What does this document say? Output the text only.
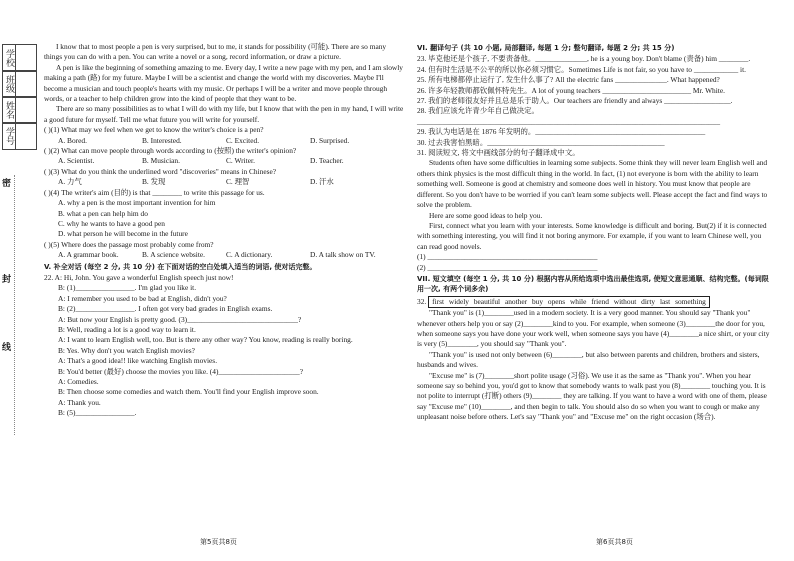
学校
班级
姓名
学号
密
封
线

I know that to most people a pen is very surprised, but to me, it stands for possibility (可能). There are so many things you can do with a pen. You can write a novel or a song, record information, or draw a picture.

A pen is like the beginning of something amazing to me. Every day, I write a new page with my pen, and I am slowly making a path (路) for my future. Maybe I will be a scientist and change the world with my discoveries. Maybe I'll become a musician and touch people's hearts with my music. Or perhaps I will be a writer and move people through words, or a teacher to help children grow into the kind of people that they want to be.

There are so many possibilities as to what I will do with my life, but I know that with the pen in my hand, I will write a good future for myself. Tell me what future you will write for yourself.

( )(1) What may we feel when we get to know the writer's choice is a pen?

A. Bored.	B. Interested.	C. Excited.	D. Surprised.

( )(2) What can move people through words according to (按照) the writer's opinion?

A. Scientist.	B. Musician.	C. Writer.	D. Teacher.

( )(3) What do you think the underlined word "discoveries" means in Chinese?

A. 力气	B. 发现	C. 理智	D. 汗水

( )(4) The writer's aim (目的) is that ________ to write this passage for us.

A. why a pen is the most important invention for him

B. what a pen can help him do

C. why he wants to have a good pen

D. what person he will become in the future

( )(5) Where does the passage most probably come from?

A. A grammar book.	B. A science website.	C. A dictionary.	D. A talk show on TV.

V. 补全对话 (每空 2 分, 共 10 分) 在下面对话的空白处填入适当的词语, 使对话完整。

22. A: Hi, John. You gave a wonderful English speech just now!

B: (1)________________. I'm glad you like it.

A: I remember you used to be bad at English, didn't you?

B: (2)________________. I often got very bad grades in English exams.

A: But now your English is pretty good. (3)______________________________?

B: Well, reading a lot is a good way to learn it.

A: I want to learn English well, too. But is there any other way? You know, reading is really boring.

B: Yes. Why don't you watch English movies?

A: That's a good idea!! like watching English movies.

B: You'd better (最好) choose the movies you like. (4)______________________?

A: Comedies.

B: Then choose some comedies and watch them. You'll find your English improve soon.

A: Thank you.

B: (5)________________.

第5页共8页

VI. 翻译句子 (共 10 小题, 局部翻译, 每题 1 分; 整句翻译, 每题 2 分; 共 15 分)

23. 毕克他还是个孩子, 不要责备他。______________, he is a young boy. Don't blame (责备) him ________.

24. 但有时生活是不公平的所以你必须习惯它。Sometimes Life is not fair, so you have to ____________ it.

25. 所有电梯都停止运行了, 发生什么事了? All the electric fans ______________. What happened?

26. 许多年轻教师都钦佩怀特先生。A lot of young teachers ________________________ Mr. White.

27. 我们的老师很友好并且总是乐于助人。Our teachers are friendly and always __________________.

28. 我们应该允许青少年自己做决定。

__________________________________________________________________________________

29. 我认为电话是在 1876 年发明的。______________________________________________

30. 过去我害怕黑暗。________________________________________________

31. 阅读短文, 将文中画线部分的句子翻译成中文。

Students often have some difficulties in learning some subjects. Some think they will never learn English well and others think physics is the most difficult thing in the world. In fact, (1) not everyone is born with the ability to learn something well. Someone is good at chemistry and someone does well in history. You must know that people are different. So you don't have to be worried if you can't learn some subjects well. Please accept the fact and find ways to solve the problem.

Here are some good ideas to help you.

First, connect what you learn with your interests. Some knowledge is difficult and boring. But(2) if it is connected with something interesting, you will find it not boring anymore. For example, if you want to learn Chinese well, you can read good novels.

(1) ______________________________________________

(2) ______________________________________________

VII. 短文填空 (每空 1 分, 共 10 分) 根据内容从所给选项中选出最佳选项, 使短文意思通顺、结构完整。(每词限用一次, 有两个词多余)

32. first widely beautiful another buy opens while friend without dirty last something

"Thank you" is (1)________used in a modern society. It is a very good manner. You should say "Thank you" whenever others help you or say (2)________kind to you. For example, when someone (3)________the door for you, when someone says you have done your work well, when someone says you have (4)________a nice shirt, or your city is very (5)________, you should say "Thank you".

"Thank you" is used not only between (6)________, but also between parents and children, brothers and sisters, husbands and wives.

"Excuse me" is (7)________short polite usage (习俗). We use it as the same as "Thank you". When you hear someone say so behind you, you'd got to know that somebody wants to walk past you (8)________ touching you. It is not polite to interrupt (打断) others (9)________ they are talking. If you want to have a word with one of them, please say "Excuse me" (10)________, and then begin to talk. You should also do so when you want to cough or make any unpleasant noise before others. Let's say "Thank you" and "Excuse me" on the right occasion (场合).

第6页共8页
